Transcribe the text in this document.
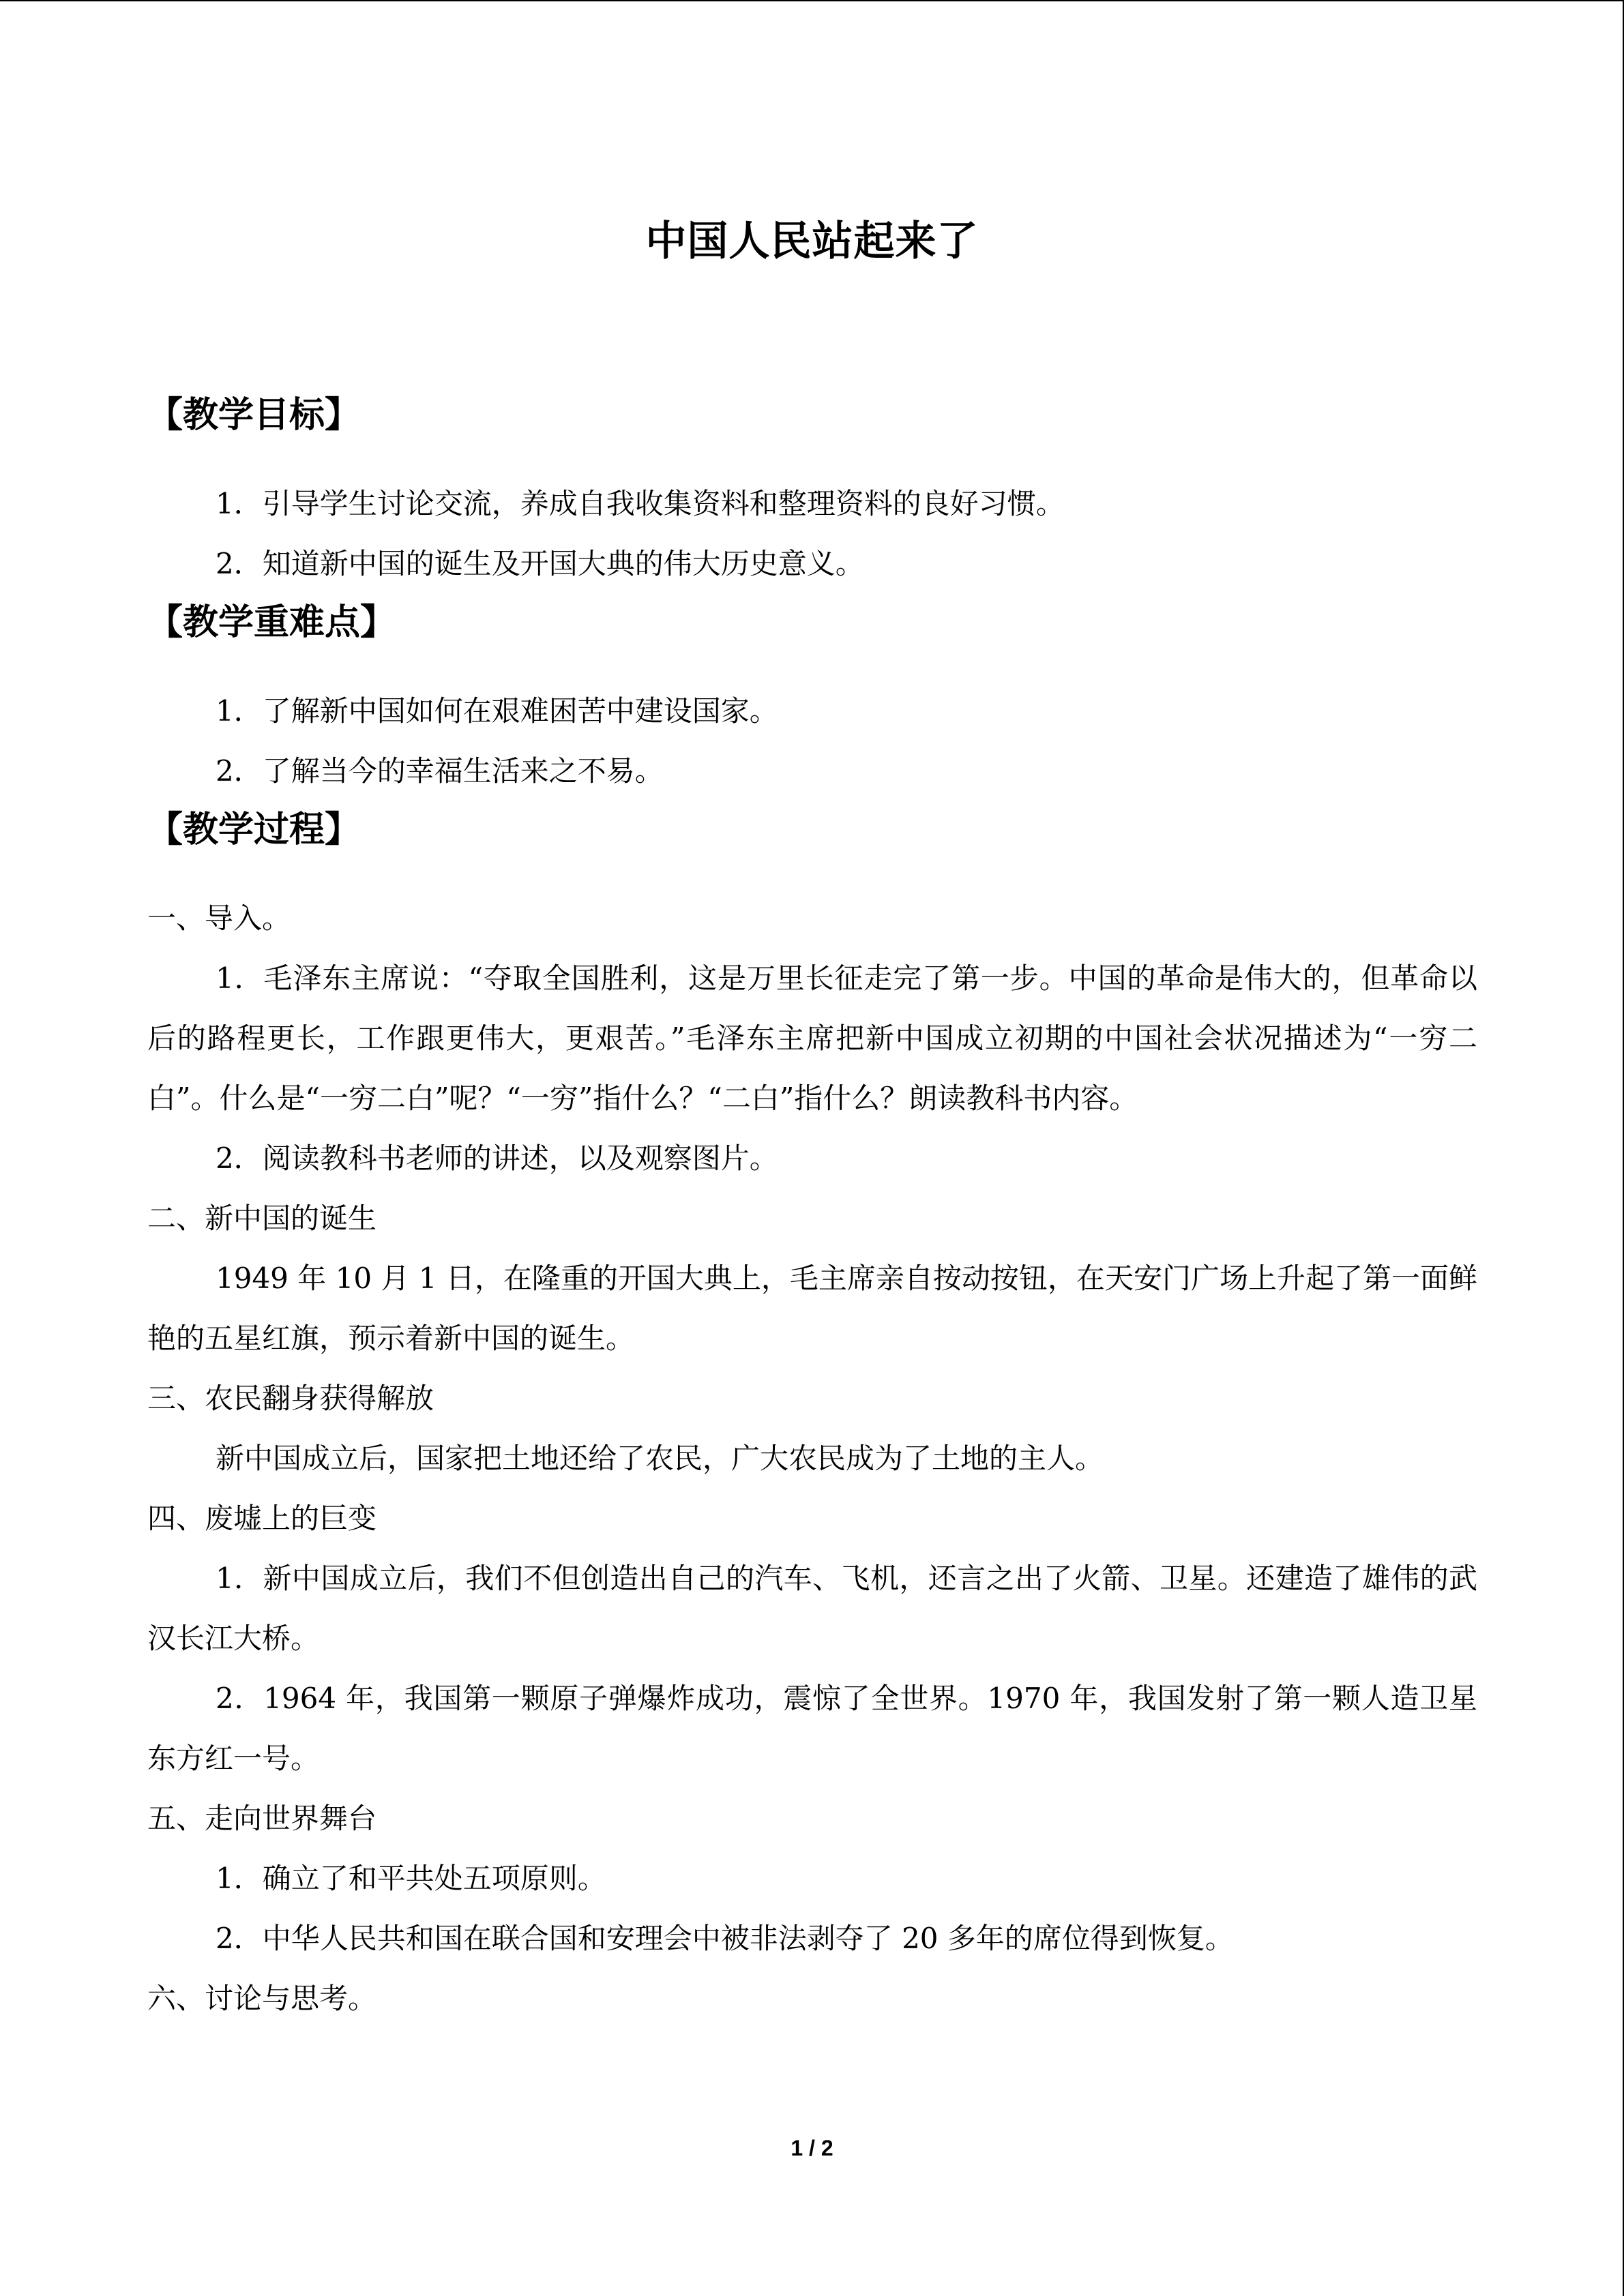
中国人民站起来了
【教学目标】

1．引导学生讨论交流，养成自我收集资料和整理资料的良好习惯。

2．知道新中国的诞生及开国大典的伟大历史意义。

【教学重难点】

1．了解新中国如何在艰难困苦中建设国家。

2．了解当今的幸福生活来之不易。

【教学过程】

一、导入。

1．毛泽东主席说：“夺取全国胜利，这是万里长征走完了第一步。中国的革命是伟大的，但革命以后的路程更长，工作跟更伟大，更艰苦。”毛泽东主席把新中国成立初期的中国社会状况描述为“一穷二白”。什么是“一穷二白”呢？“一穷”指什么？“二白”指什么？朗读教科书内容。

2．阅读教科书老师的讲述，以及观察图片。

二、新中国的诞生

1949 年 10 月 1 日，在隆重的开国大典上，毛主席亲自按动按钮，在天安门广场上升起了第一面鲜艳的五星红旗，预示着新中国的诞生。

三、农民翻身获得解放

新中国成立后，国家把土地还给了农民，广大农民成为了土地的主人。

四、废墟上的巨变

1．新中国成立后，我们不但创造出自己的汽车、飞机，还言之出了火箭、卫星。还建造了雄伟的武汉长江大桥。

2．1964 年，我国第一颗原子弹爆炸成功，震惊了全世界。1970 年，我国发射了第一颗人造卫星东方红一号。

五、走向世界舞台

1．确立了和平共处五项原则。

2．中华人民共和国在联合国和安理会中被非法剥夺了 20 多年的席位得到恢复。

六、讨论与思考。

1 / 2
